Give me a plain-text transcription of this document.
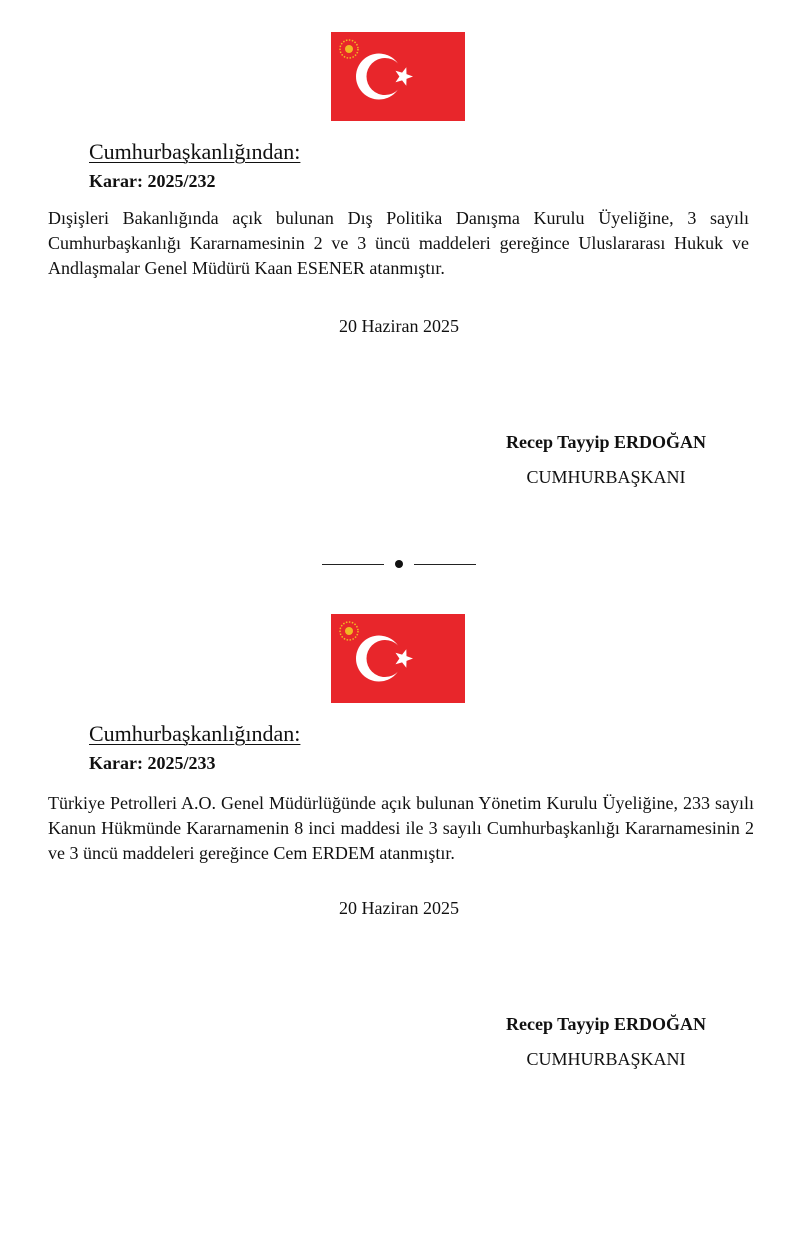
Cumhurbaşkanlığından:
Karar: 2025/232

Dışişleri Bakanlığında açık bulunan Dış Politika Danışma Kurulu Üyeliğine, 3 sayılı Cumhurbaşkanlığı Kararnamesinin 2 ve 3 üncü maddeleri gereğince Uluslararası Hukuk ve Andlaşmalar Genel Müdürü Kaan ESENER atanmıştır.

20 Haziran 2025
Recep Tayyip ERDOĞAN
CUMHURBAŞKANI
Cumhurbaşkanlığından:
Karar: 2025/233

Türkiye Petrolleri A.O. Genel Müdürlüğünde açık bulunan Yönetim Kurulu Üyeliğine, 233 sayılı Kanun Hükmünde Kararnamenin 8 inci maddesi ile 3 sayılı Cumhurbaşkanlığı Kararnamesinin 2 ve 3 üncü maddeleri gereğince Cem ERDEM atanmıştır.

20 Haziran 2025
Recep Tayyip ERDOĞAN
CUMHURBAŞKANI
